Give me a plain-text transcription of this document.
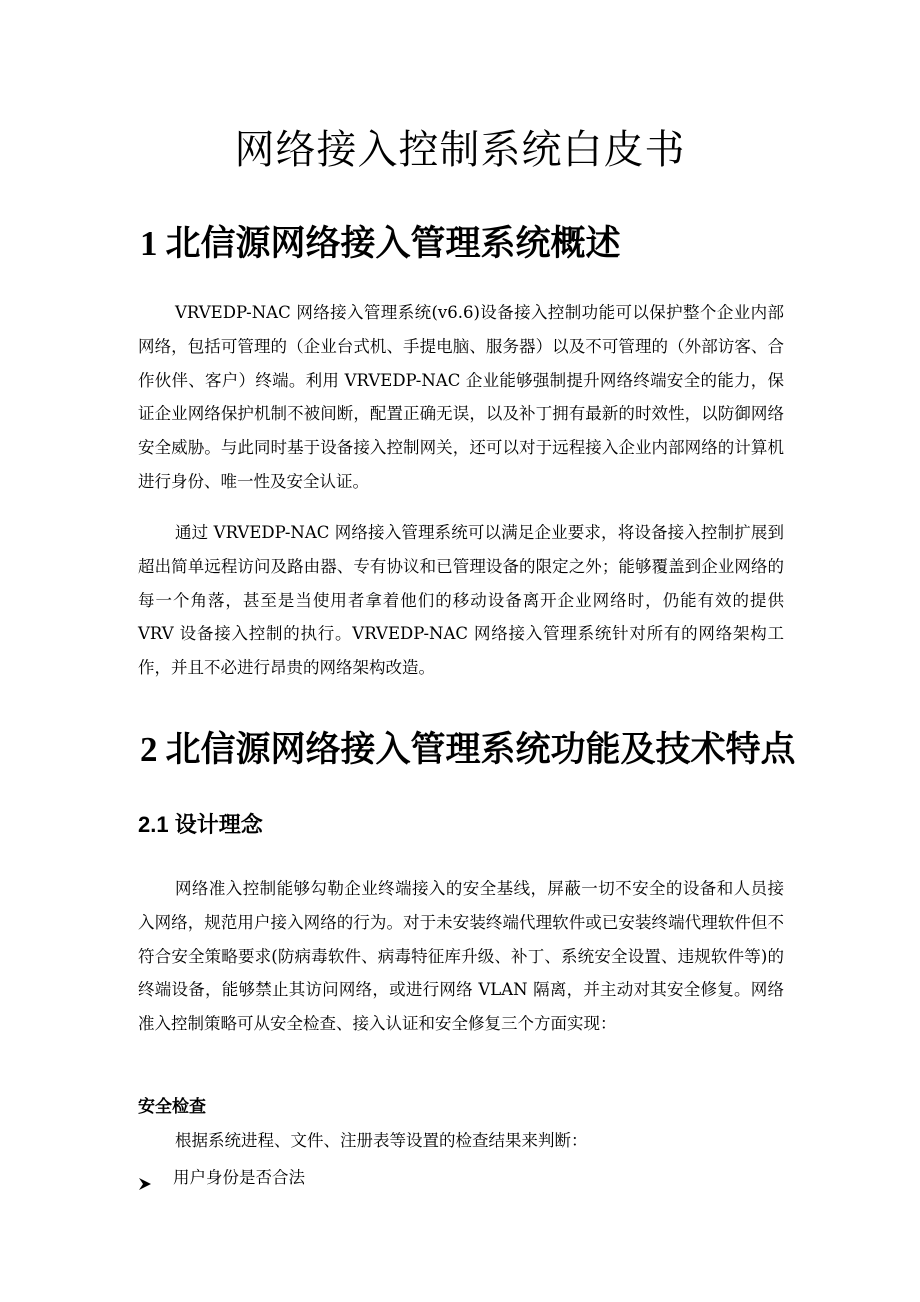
网络接入控制系统白皮书
1 北信源网络接入管理系统概述

VRVEDP-NAC 网络接入管理系统(v6.6)设备接入控制功能可以保护整个企业内部网络，包括可管理的（企业台式机、手提电脑、服务器）以及不可管理的（外部访客、合作伙伴、客户）终端。利用 VRVEDP-NAC 企业能够强制提升网络终端安全的能力，保证企业网络保护机制不被间断，配置正确无误，以及补丁拥有最新的时效性，以防御网络安全威胁。与此同时基于设备接入控制网关，还可以对于远程接入企业内部网络的计算机进行身份、唯一性及安全认证。

通过 VRVEDP-NAC 网络接入管理系统可以满足企业要求，将设备接入控制扩展到超出简单远程访问及路由器、专有协议和已管理设备的限定之外；能够覆盖到企业网络的每一个角落，甚至是当使用者拿着他们的移动设备离开企业网络时，仍能有效的提供 VRV 设备接入控制的执行。VRVEDP-NAC 网络接入管理系统针对所有的网络架构工作，并且不必进行昂贵的网络架构改造。

2 北信源网络接入管理系统功能及技术特点
2.1 设计理念

网络准入控制能够勾勒企业终端接入的安全基线，屏蔽一切不安全的设备和人员接入网络，规范用户接入网络的行为。对于未安装终端代理软件或已安装终端代理软件但不符合安全策略要求(防病毒软件、病毒特征库升级、补丁、系统安全设置、违规软件等)的终端设备，能够禁止其访问网络，或进行网络 VLAN 隔离，并主动对其安全修复。网络准入控制策略可从安全检查、接入认证和安全修复三个方面实现：

安全检查

根据系统进程、文件、注册表等设置的检查结果来判断：

用户身份是否合法
